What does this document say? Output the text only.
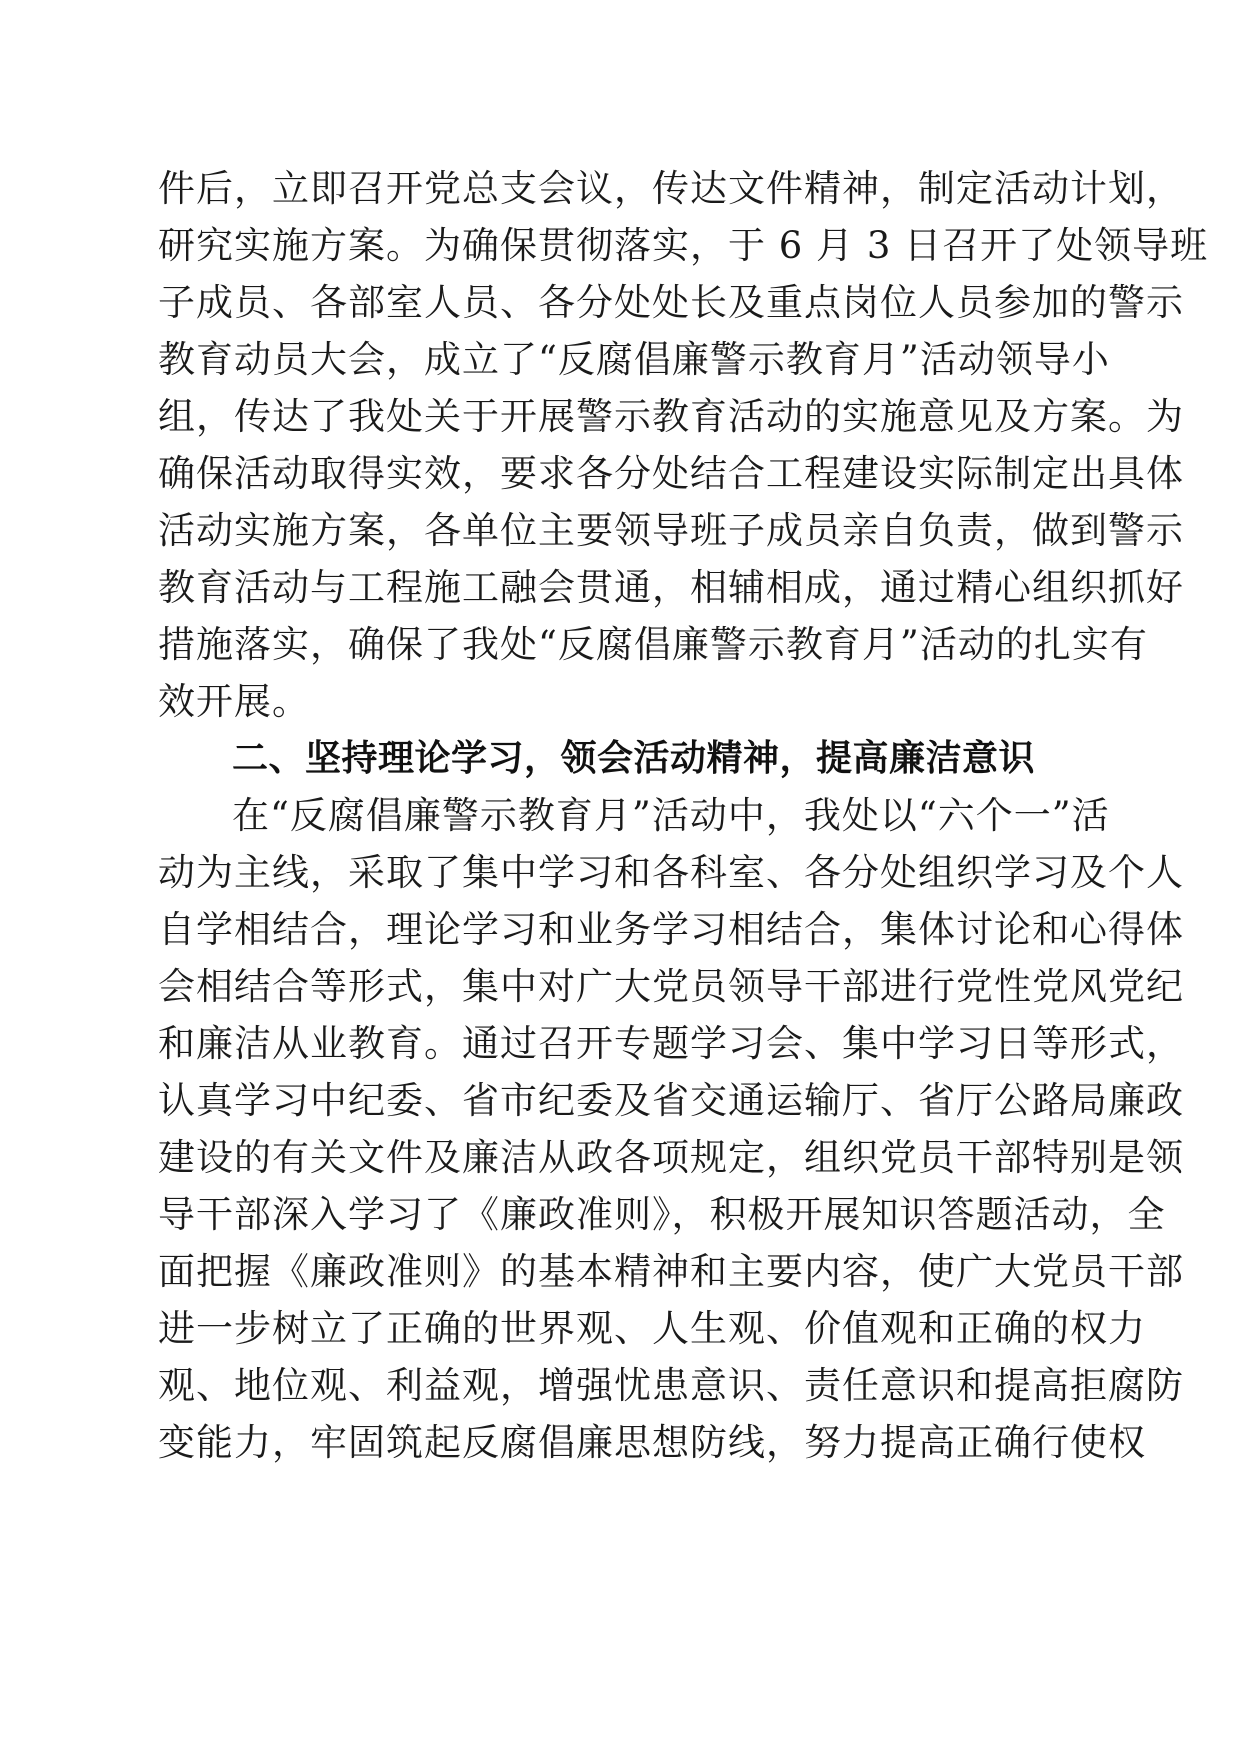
件后，立即召开党总支会议，传达文件精神，制定活动计划，
研究实施方案。为确保贯彻落实，于 6 月 3 日召开了处领导班
子成员、各部室人员、各分处处长及重点岗位人员参加的警示
教育动员大会，成立了“反腐倡廉警示教育月”活动领导小
组，传达了我处关于开展警示教育活动的实施意见及方案。为
确保活动取得实效，要求各分处结合工程建设实际制定出具体
活动实施方案，各单位主要领导班子成员亲自负责，做到警示
教育活动与工程施工融会贯通，相辅相成，通过精心组织抓好
措施落实，确保了我处“反腐倡廉警示教育月”活动的扎实有
效开展。
二、坚持理论学习，领会活动精神，提高廉洁意识
在“反腐倡廉警示教育月”活动中，我处以“六个一”活
动为主线，采取了集中学习和各科室、各分处组织学习及个人
自学相结合，理论学习和业务学习相结合，集体讨论和心得体
会相结合等形式，集中对广大党员领导干部进行党性党风党纪
和廉洁从业教育。通过召开专题学习会、集中学习日等形式，
认真学习中纪委、省市纪委及省交通运输厅、省厅公路局廉政
建设的有关文件及廉洁从政各项规定，组织党员干部特别是领
导干部深入学习了《廉政准则》，积极开展知识答题活动，全
面把握《廉政准则》的基本精神和主要内容，使广大党员干部
进一步树立了正确的世界观、人生观、价值观和正确的权力
观、地位观、利益观，增强忧患意识、责任意识和提高拒腐防
变能力，牢固筑起反腐倡廉思想防线，努力提高正确行使权
